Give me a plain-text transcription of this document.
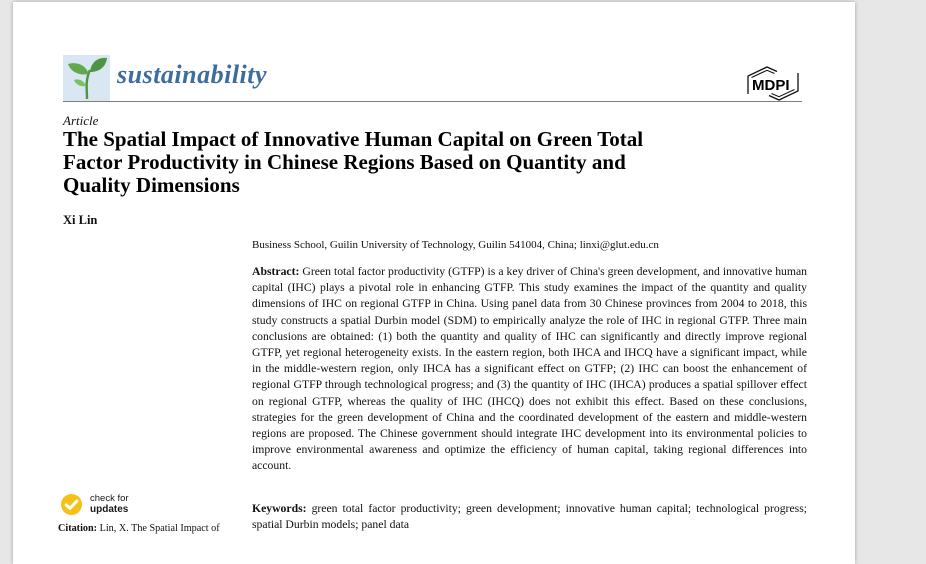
sustainability	MDPI
Article
The Spatial Impact of Innovative Human Capital on Green Total
Factor Productivity in Chinese Regions Based on Quantity and
Quality Dimensions
Xi Lin

Business School, Guilin University of Technology, Guilin 541004, China; linxi@glut.edu.cn

Abstract: Green total factor productivity (GTFP) is a key driver of China's green development, and innovative human capital (IHC) plays a pivotal role in enhancing GTFP. This study examines the impact of the quantity and quality dimensions of IHC on regional GTFP in China. Using panel data from 30 Chinese provinces from 2004 to 2018, this study constructs a spatial Durbin model (SDM) to empirically analyze the role of IHC in regional GTFP. Three main conclusions are obtained: (1) both the quantity and quality of IHC can significantly and directly improve regional GTFP, yet regional heterogeneity exists. In the eastern region, both IHCA and IHCQ have a significant impact, while in the middle-western region, only IHCA has a significant effect on GTFP; (2) IHC can boost the enhancement of regional GTFP through technological progress; and (3) the quantity of IHC (IHCA) produces a spatial spillover effect on regional GTFP, whereas the quality of IHC (IHCQ) does not exhibit this effect. Based on these conclusions, strategies for the green development of China and the coordinated development of the eastern and middle-western regions are proposed. The Chinese government should integrate IHC development into its environmental policies to improve environmental awareness and optimize the efficiency of human capital, taking regional differences into account.

Keywords: green total factor productivity; green development; innovative human capital; technological progress; spatial Durbin models; panel data

check for
updates

Citation: Lin, X. The Spatial Impact of
